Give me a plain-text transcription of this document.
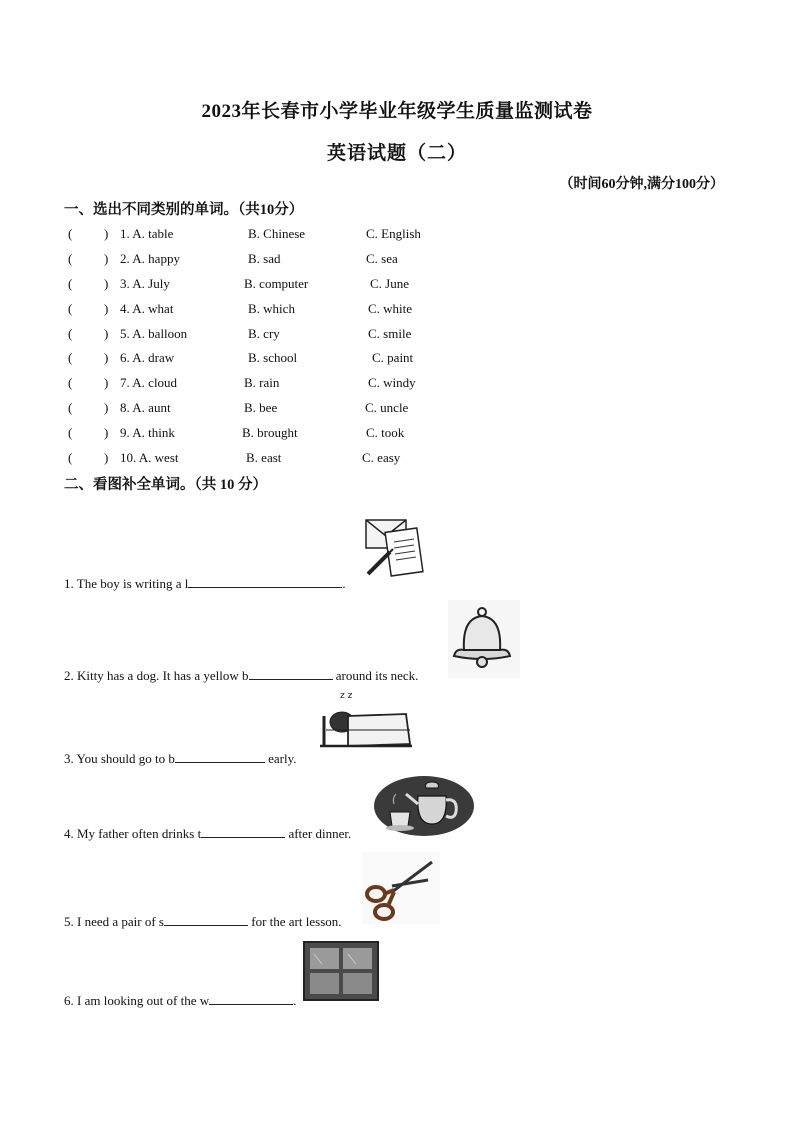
2023年长春市小学毕业年级学生质量监测试卷
英语试题（二）
（时间60分钟,满分100分）
一、选出不同类别的单词。（共10分）
( ) 1. A. table	B. Chinese	C. English
( ) 2. A. happy	B. sad	C. sea
( ) 3. A. July	B. computer	C. June
( ) 4. A. what	B. which	C. white
( ) 5. A. balloon	B. cry	C. smile
( ) 6. A. draw	B. school	C. paint
( ) 7. A. cloud	B. rain	C. windy
( ) 8. A. aunt	B. bee	C. uncle
( ) 9. A. think	B. brought	C. took
( ) 10. A. west	B. east	C. easy
二、看图补全单词。（共 10 分）
1. The boy is writing a l	.
2. Kitty has a dog. It has a yellow b	around its neck.
z z
3. You should go to b	early.
4. My father often drinks t	after dinner.
5. I need a pair of s	for the art lesson.
6. I am looking out of the w	.
